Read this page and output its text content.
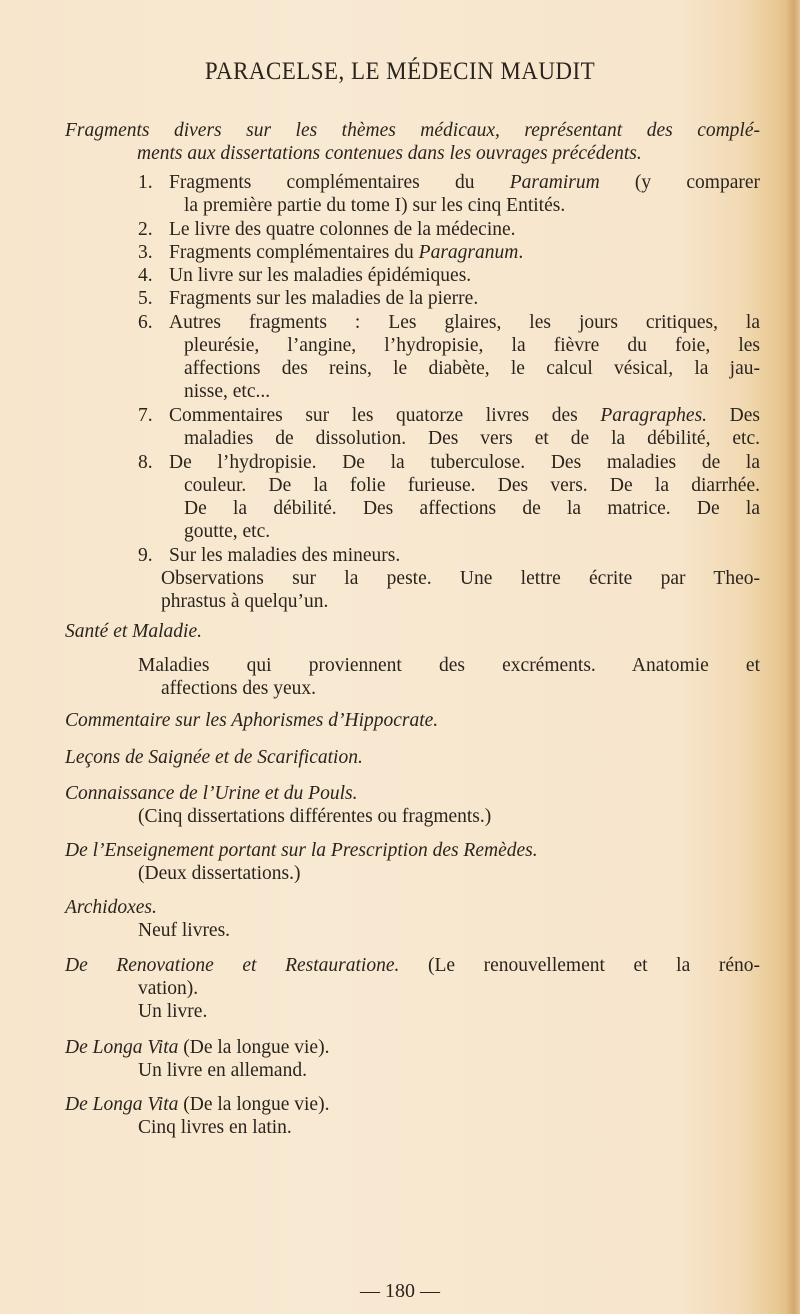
PARACELSE, LE MÉDECIN MAUDIT
Fragments divers sur les thèmes médicaux, représentant des complé-
ments aux dissertations contenues dans les ouvrages précédents.
1. Fragments complémentaires du Paramirum (y comparer
la première partie du tome I) sur les cinq Entités.
2. Le livre des quatre colonnes de la médecine.
3. Fragments complémentaires du Paragranum.
4. Un livre sur les maladies épidémiques.
5. Fragments sur les maladies de la pierre.
6. Autres fragments : Les glaires, les jours critiques, la
pleurésie, l’angine, l’hydropisie, la fièvre du foie, les
affections des reins, le diabète, le calcul vésical, la jau-
nisse, etc...
7. Commentaires sur les quatorze livres des Paragraphes. Des
maladies de dissolution. Des vers et de la débilité, etc.
8. De l’hydropisie. De la tuberculose. Des maladies de la
couleur. De la folie furieuse. Des vers. De la diarrhée.
De la débilité. Des affections de la matrice. De la
goutte, etc.
9. Sur les maladies des mineurs.
Observations sur la peste. Une lettre écrite par Theo-
phrastus à quelqu’un.
Santé et Maladie.
Maladies qui proviennent des excréments. Anatomie et
affections des yeux.
Commentaire sur les Aphorismes d’Hippocrate.
Leçons de Saignée et de Scarification.
Connaissance de l’Urine et du Pouls.
(Cinq dissertations différentes ou fragments.)
De l’Enseignement portant sur la Prescription des Remèdes.
(Deux dissertations.)
Archidoxes.
Neuf livres.
De Renovatione et Restauratione. (Le renouvellement et la réno-
vation).
Un livre.
De Longa Vita (De la longue vie).
Un livre en allemand.
De Longa Vita (De la longue vie).
Cinq livres en latin.
— 180 —
